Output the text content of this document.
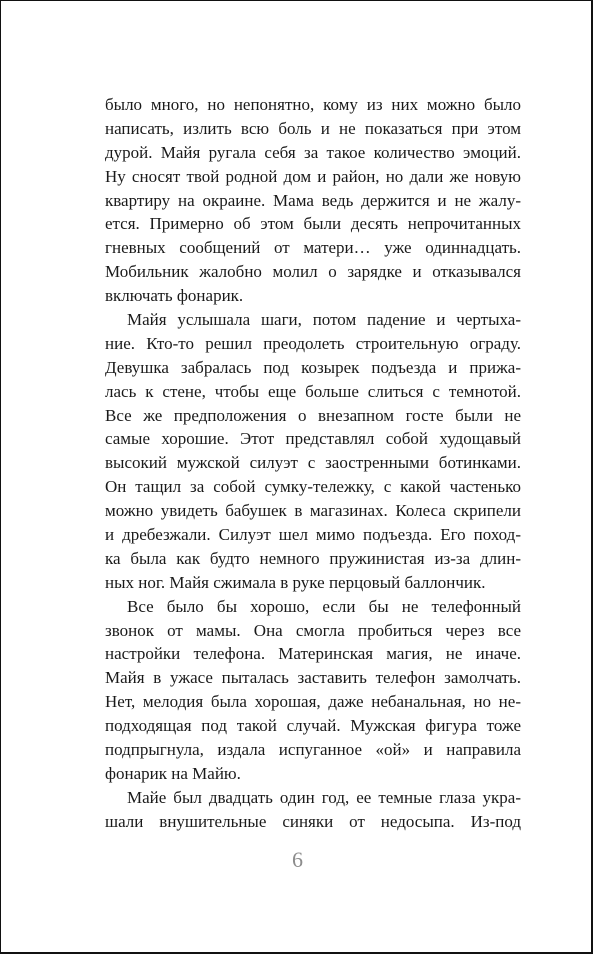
было много, но непонятно, кому из них можно было
написать, излить всю боль и не показаться при этом
дурой. Майя ругала себя за такое количество эмоций.
Ну сносят твой родной дом и район, но дали же новую
квартиру на окраине. Мама ведь держится и не жалу-
ется. Примерно об этом были десять непрочитанных
гневных сообщений от матери… уже одиннадцать.
Мобильник жалобно молил о зарядке и отказывался
включать фонарик.
Майя услышала шаги, потом падение и чертыха-
ние. Кто-то решил преодолеть строительную ограду.
Девушка забралась под козырек подъезда и прижа-
лась к стене, чтобы еще больше слиться с темнотой.
Все же предположения о внезапном госте были не
самые хорошие. Этот представлял собой худощавый
высокий мужской силуэт с заостренными ботинками.
Он тащил за собой сумку-тележку, с какой частенько
можно увидеть бабушек в магазинах. Колеса скрипели
и дребезжали. Силуэт шел мимо подъезда. Его поход-
ка была как будто немного пружинистая из-за длин-
ных ног. Майя сжимала в руке перцовый баллончик.
Все было бы хорошо, если бы не телефонный
звонок от мамы. Она смогла пробиться через все
настройки телефона. Материнская магия, не иначе.
Майя в ужасе пыталась заставить телефон замолчать.
Нет, мелодия была хорошая, даже небанальная, но не-
подходящая под такой случай. Мужская фигура тоже
подпрыгнула, издала испуганное «ой» и направила
фонарик на Майю.
Майе был двадцать один год, ее темные глаза укра-
шали внушительные синяки от недосыпа. Из-под
6
